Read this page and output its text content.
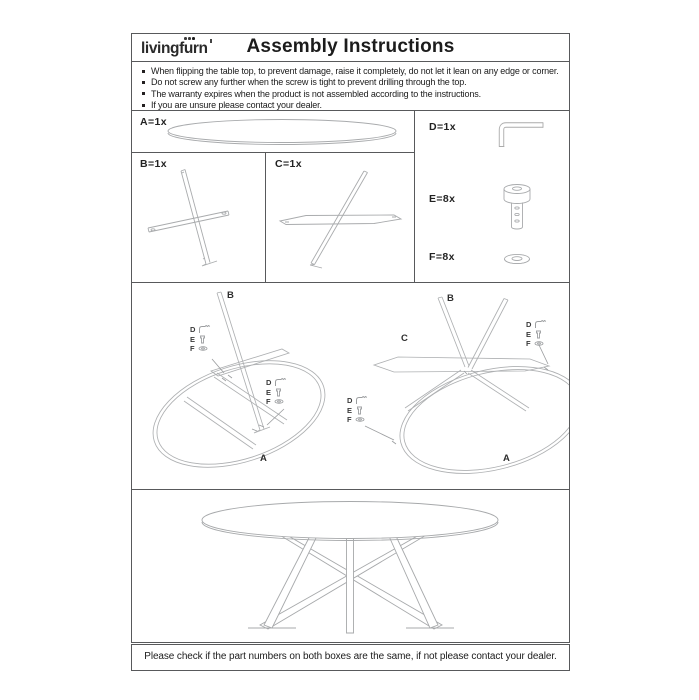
livingfurn	Assembly Instructions
When flipping the table top, to prevent damage, raise it completely, do not let it lean on any edge or corner.
Do not screw any further when the screw is tight to prevent drilling through the top.
The warranty expires when the product is not assembled according to the instructions.
If you are unsure please contact your dealer.
A=1x
B=1x	C=1x
D=1x
E=8x
F=8x
B
A
D
E
F
D
E
F
B
C
A
D
E
F
D
E
F
Please check if the part numbers on both boxes are the same, if not please contact your dealer.
